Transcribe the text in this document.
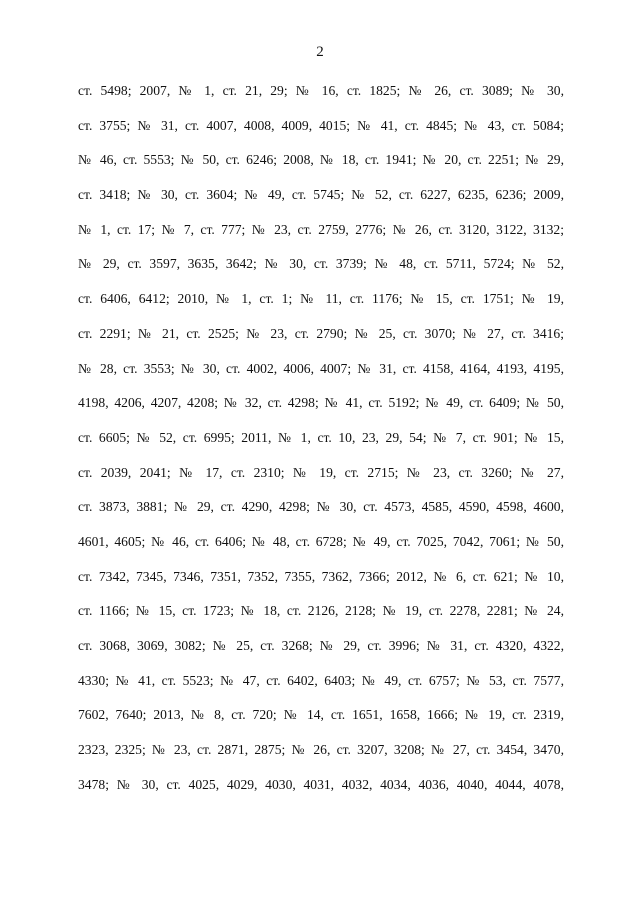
2
ст. 5498; 2007, № 1, ст. 21, 29; № 16, ст. 1825; № 26, ст. 3089; № 30,
ст. 3755; № 31, ст. 4007, 4008, 4009, 4015; № 41, ст. 4845; № 43, ст. 5084;
№ 46, ст. 5553; № 50, ст. 6246; 2008, № 18, ст. 1941; № 20, ст. 2251; № 29,
ст. 3418; № 30, ст. 3604; № 49, ст. 5745; № 52, ст. 6227, 6235, 6236; 2009,
№ 1, ст. 17; № 7, ст. 777; № 23, ст. 2759, 2776; № 26, ст. 3120, 3122, 3132;
№ 29, ст. 3597, 3635, 3642; № 30, ст. 3739; № 48, ст. 5711, 5724; № 52,
ст. 6406, 6412; 2010, № 1, ст. 1; № 11, ст. 1176; № 15, ст. 1751; № 19,
ст. 2291; № 21, ст. 2525; № 23, ст. 2790; № 25, ст. 3070; № 27, ст. 3416;
№ 28, ст. 3553; № 30, ст. 4002, 4006, 4007; № 31, ст. 4158, 4164, 4193, 4195,
4198, 4206, 4207, 4208; № 32, ст. 4298; № 41, ст. 5192; № 49, ст. 6409; № 50,
ст. 6605; № 52, ст. 6995; 2011, № 1, ст. 10, 23, 29, 54; № 7, ст. 901; № 15,
ст. 2039, 2041; № 17, ст. 2310; № 19, ст. 2715; № 23, ст. 3260; № 27,
ст. 3873, 3881; № 29, ст. 4290, 4298; № 30, ст. 4573, 4585, 4590, 4598, 4600,
4601, 4605; № 46, ст. 6406; № 48, ст. 6728; № 49, ст. 7025, 7042, 7061; № 50,
ст. 7342, 7345, 7346, 7351, 7352, 7355, 7362, 7366; 2012, № 6, ст. 621; № 10,
ст. 1166; № 15, ст. 1723; № 18, ст. 2126, 2128; № 19, ст. 2278, 2281; № 24,
ст. 3068, 3069, 3082; № 25, ст. 3268; № 29, ст. 3996; № 31, ст. 4320, 4322,
4330; № 41, ст. 5523; № 47, ст. 6402, 6403; № 49, ст. 6757; № 53, ст. 7577,
7602, 7640; 2013, № 8, ст. 720; № 14, ст. 1651, 1658, 1666; № 19, ст. 2319,
2323, 2325; № 23, ст. 2871, 2875; № 26, ст. 3207, 3208; № 27, ст. 3454, 3470,
3478; № 30, ст. 4025, 4029, 4030, 4031, 4032, 4034, 4036, 4040, 4044, 4078,
